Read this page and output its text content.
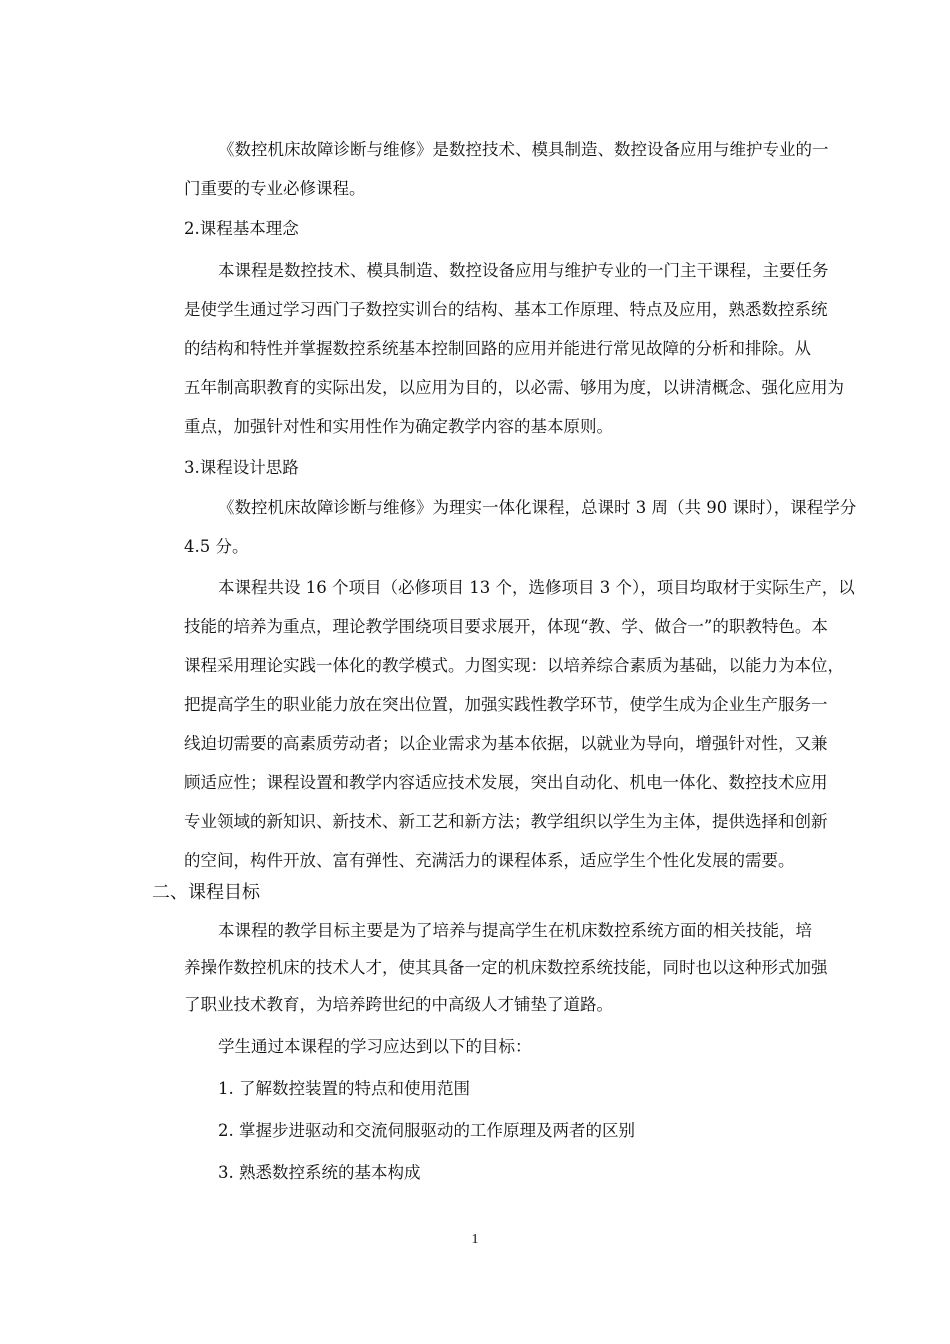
《数控机床故障诊断与维修》是数控技术、模具制造、数控设备应用与维护专业的一
门重要的专业必修课程。
2.课程基本理念
本课程是数控技术、模具制造、数控设备应用与维护专业的一门主干课程，主要任务
是使学生通过学习西门子数控实训台的结构、基本工作原理、特点及应用，熟悉数控系统
的结构和特性并掌握数控系统基本控制回路的应用并能进行常见故障的分析和排除。从
五年制高职教育的实际出发，以应用为目的，以必需、够用为度，以讲清概念、强化应用为
重点，加强针对性和实用性作为确定教学内容的基本原则。
3.课程设计思路
《数控机床故障诊断与维修》为理实一体化课程，总课时 3 周（共 90 课时），课程学分
4.5 分。
本课程共设 16 个项目（必修项目 13 个，选修项目 3 个），项目均取材于实际生产，以
技能的培养为重点，理论教学围绕项目要求展开，体现“教、学、做合一”的职教特色。本
课程采用理论实践一体化的教学模式。力图实现：以培养综合素质为基础，以能力为本位，
把提高学生的职业能力放在突出位置，加强实践性教学环节，使学生成为企业生产服务一
线迫切需要的高素质劳动者；以企业需求为基本依据，以就业为导向，增强针对性，又兼
顾适应性；课程设置和教学内容适应技术发展，突出自动化、机电一体化、数控技术应用
专业领域的新知识、新技术、新工艺和新方法；教学组织以学生为主体，提供选择和创新
的空间，构件开放、富有弹性、充满活力的课程体系，适应学生个性化发展的需要。
二、课程目标
本课程的教学目标主要是为了培养与提高学生在机床数控系统方面的相关技能，培
养操作数控机床的技术人才，使其具备一定的机床数控系统技能，同时也以这种形式加强
了职业技术教育，为培养跨世纪的中高级人才铺垫了道路。
学生通过本课程的学习应达到以下的目标：
1. 了解数控装置的特点和使用范围
2. 掌握步进驱动和交流伺服驱动的工作原理及两者的区别
3. 熟悉数控系统的基本构成
1
